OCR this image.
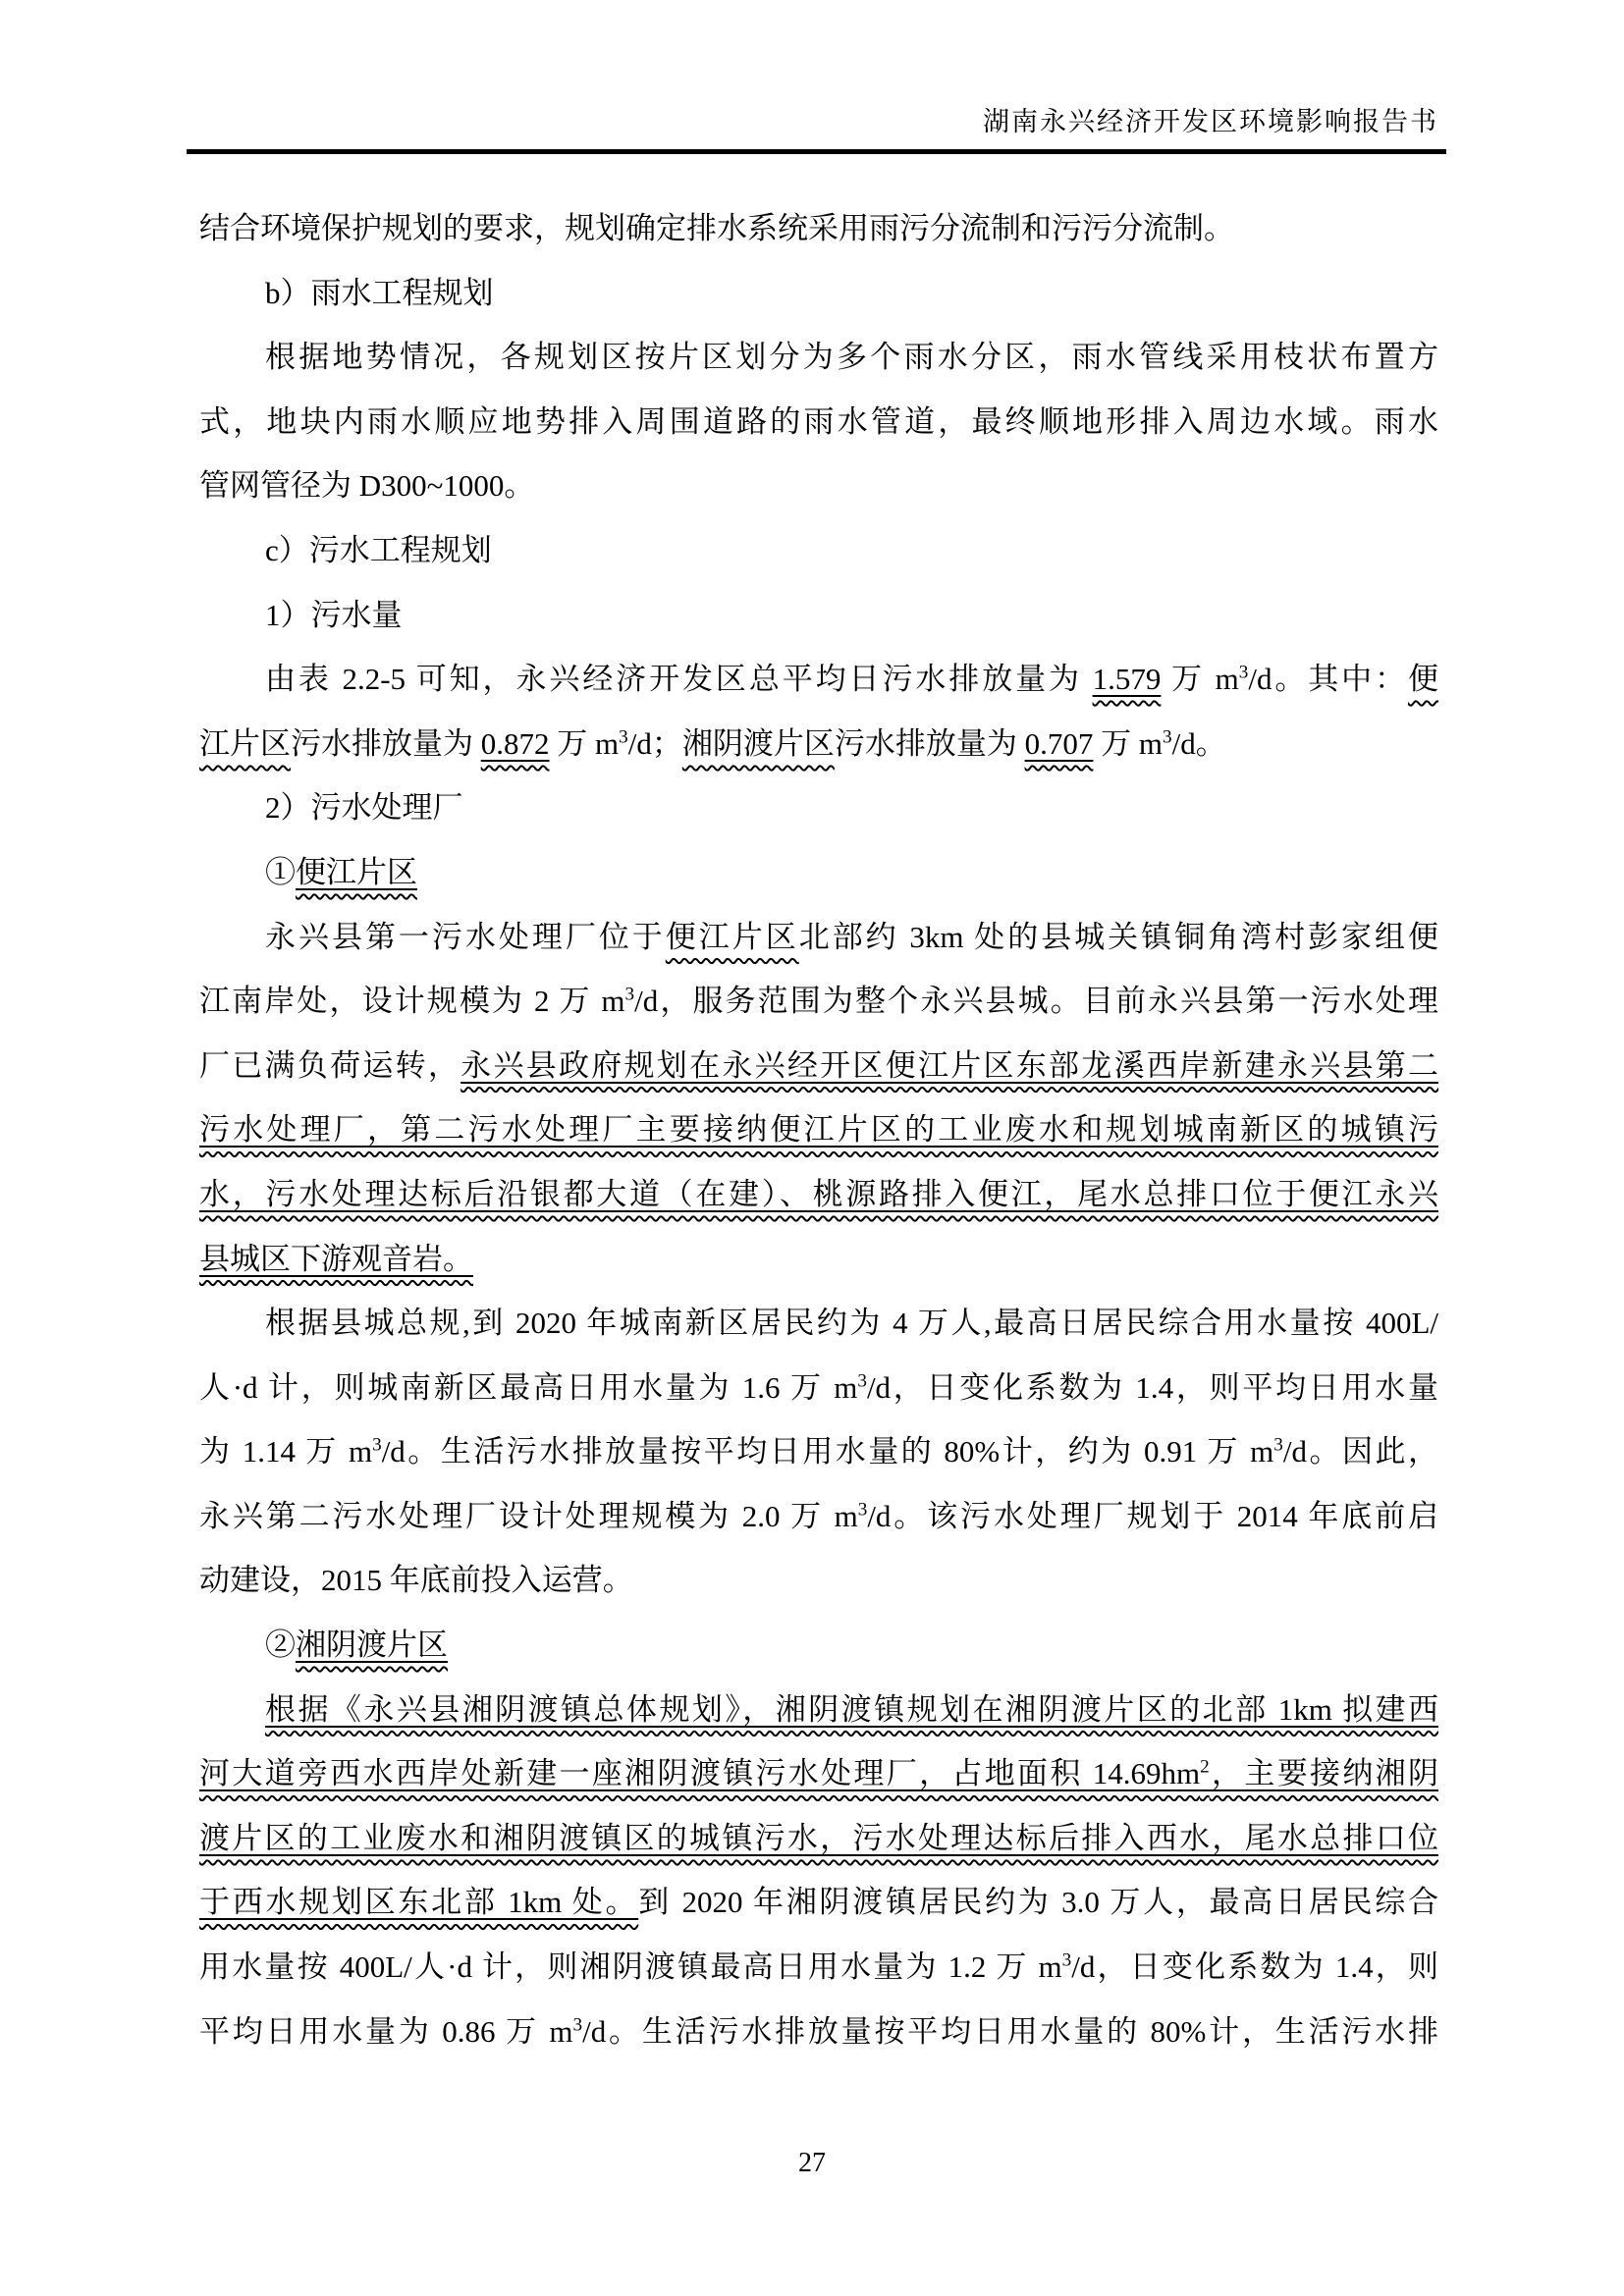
湖南永兴经济开发区环境影响报告书
结合环境保护规划的要求，规划确定排水系统采用雨污分流制和污污分流制。
b）雨水工程规划
根据地势情况，各规划区按片区划分为多个雨水分区，雨水管线采用枝状布置方
式，地块内雨水顺应地势排入周围道路的雨水管道，最终顺地形排入周边水域。雨水
管网管径为 D300~1000。
c）污水工程规划
1）污水量
由表 2.2-5 可知，永兴经济开发区总平均日污水排放量为 1.579 万 $m^3/d$。其中：便
江片区污水排放量为 0.872 万 $m^3/d$；湘阴渡片区污水排放量为 0.707 万 $m^3/d$。
2）污水处理厂
①便江片区
永兴县第一污水处理厂位于便江片区北部约 3km 处的县城关镇铜角湾村彭家组便
江南岸处，设计规模为 2 万 $m^3/d$，服务范围为整个永兴县城。目前永兴县第一污水处理
厂已满负荷运转，永兴县政府规划在永兴经开区便江片区东部龙溪西岸新建永兴县第二
污水处理厂，第二污水处理厂主要接纳便江片区的工业废水和规划城南新区的城镇污
水，污水处理达标后沿银都大道（在建）、桃源路排入便江，尾水总排口位于便江永兴
县城区下游观音岩。
根据县城总规,到 2020 年城南新区居民约为 4 万人,最高日居民综合用水量按 400L/
人·d 计，则城南新区最高日用水量为 1.6 万 $m^3/d$，日变化系数为 1.4，则平均日用水量
为 1.14 万 $m^3/d$。生活污水排放量按平均日用水量的 80%计，约为 0.91 万 $m^3/d$。因此，
永兴第二污水处理厂设计处理规模为 2.0 万 $m^3/d$。该污水处理厂规划于 2014 年底前启
动建设，2015 年底前投入运营。
②湘阴渡片区
根据《永兴县湘阴渡镇总体规划》，湘阴渡镇规划在湘阴渡片区的北部 1km 拟建西
河大道旁西水西岸处新建一座湘阴渡镇污水处理厂，占地面积 $14.69hm^2$，主要接纳湘阴
渡片区的工业废水和湘阴渡镇区的城镇污水，污水处理达标后排入西水，尾水总排口位
于西水规划区东北部 1km 处。到 2020 年湘阴渡镇居民约为 3.0 万人，最高日居民综合
用水量按 400L/人·d 计，则湘阴渡镇最高日用水量为 1.2 万 $m^3/d$，日变化系数为 1.4，则
平均日用水量为 0.86 万 $m^3/d$。生活污水排放量按平均日用水量的 80%计，生活污水排
27
